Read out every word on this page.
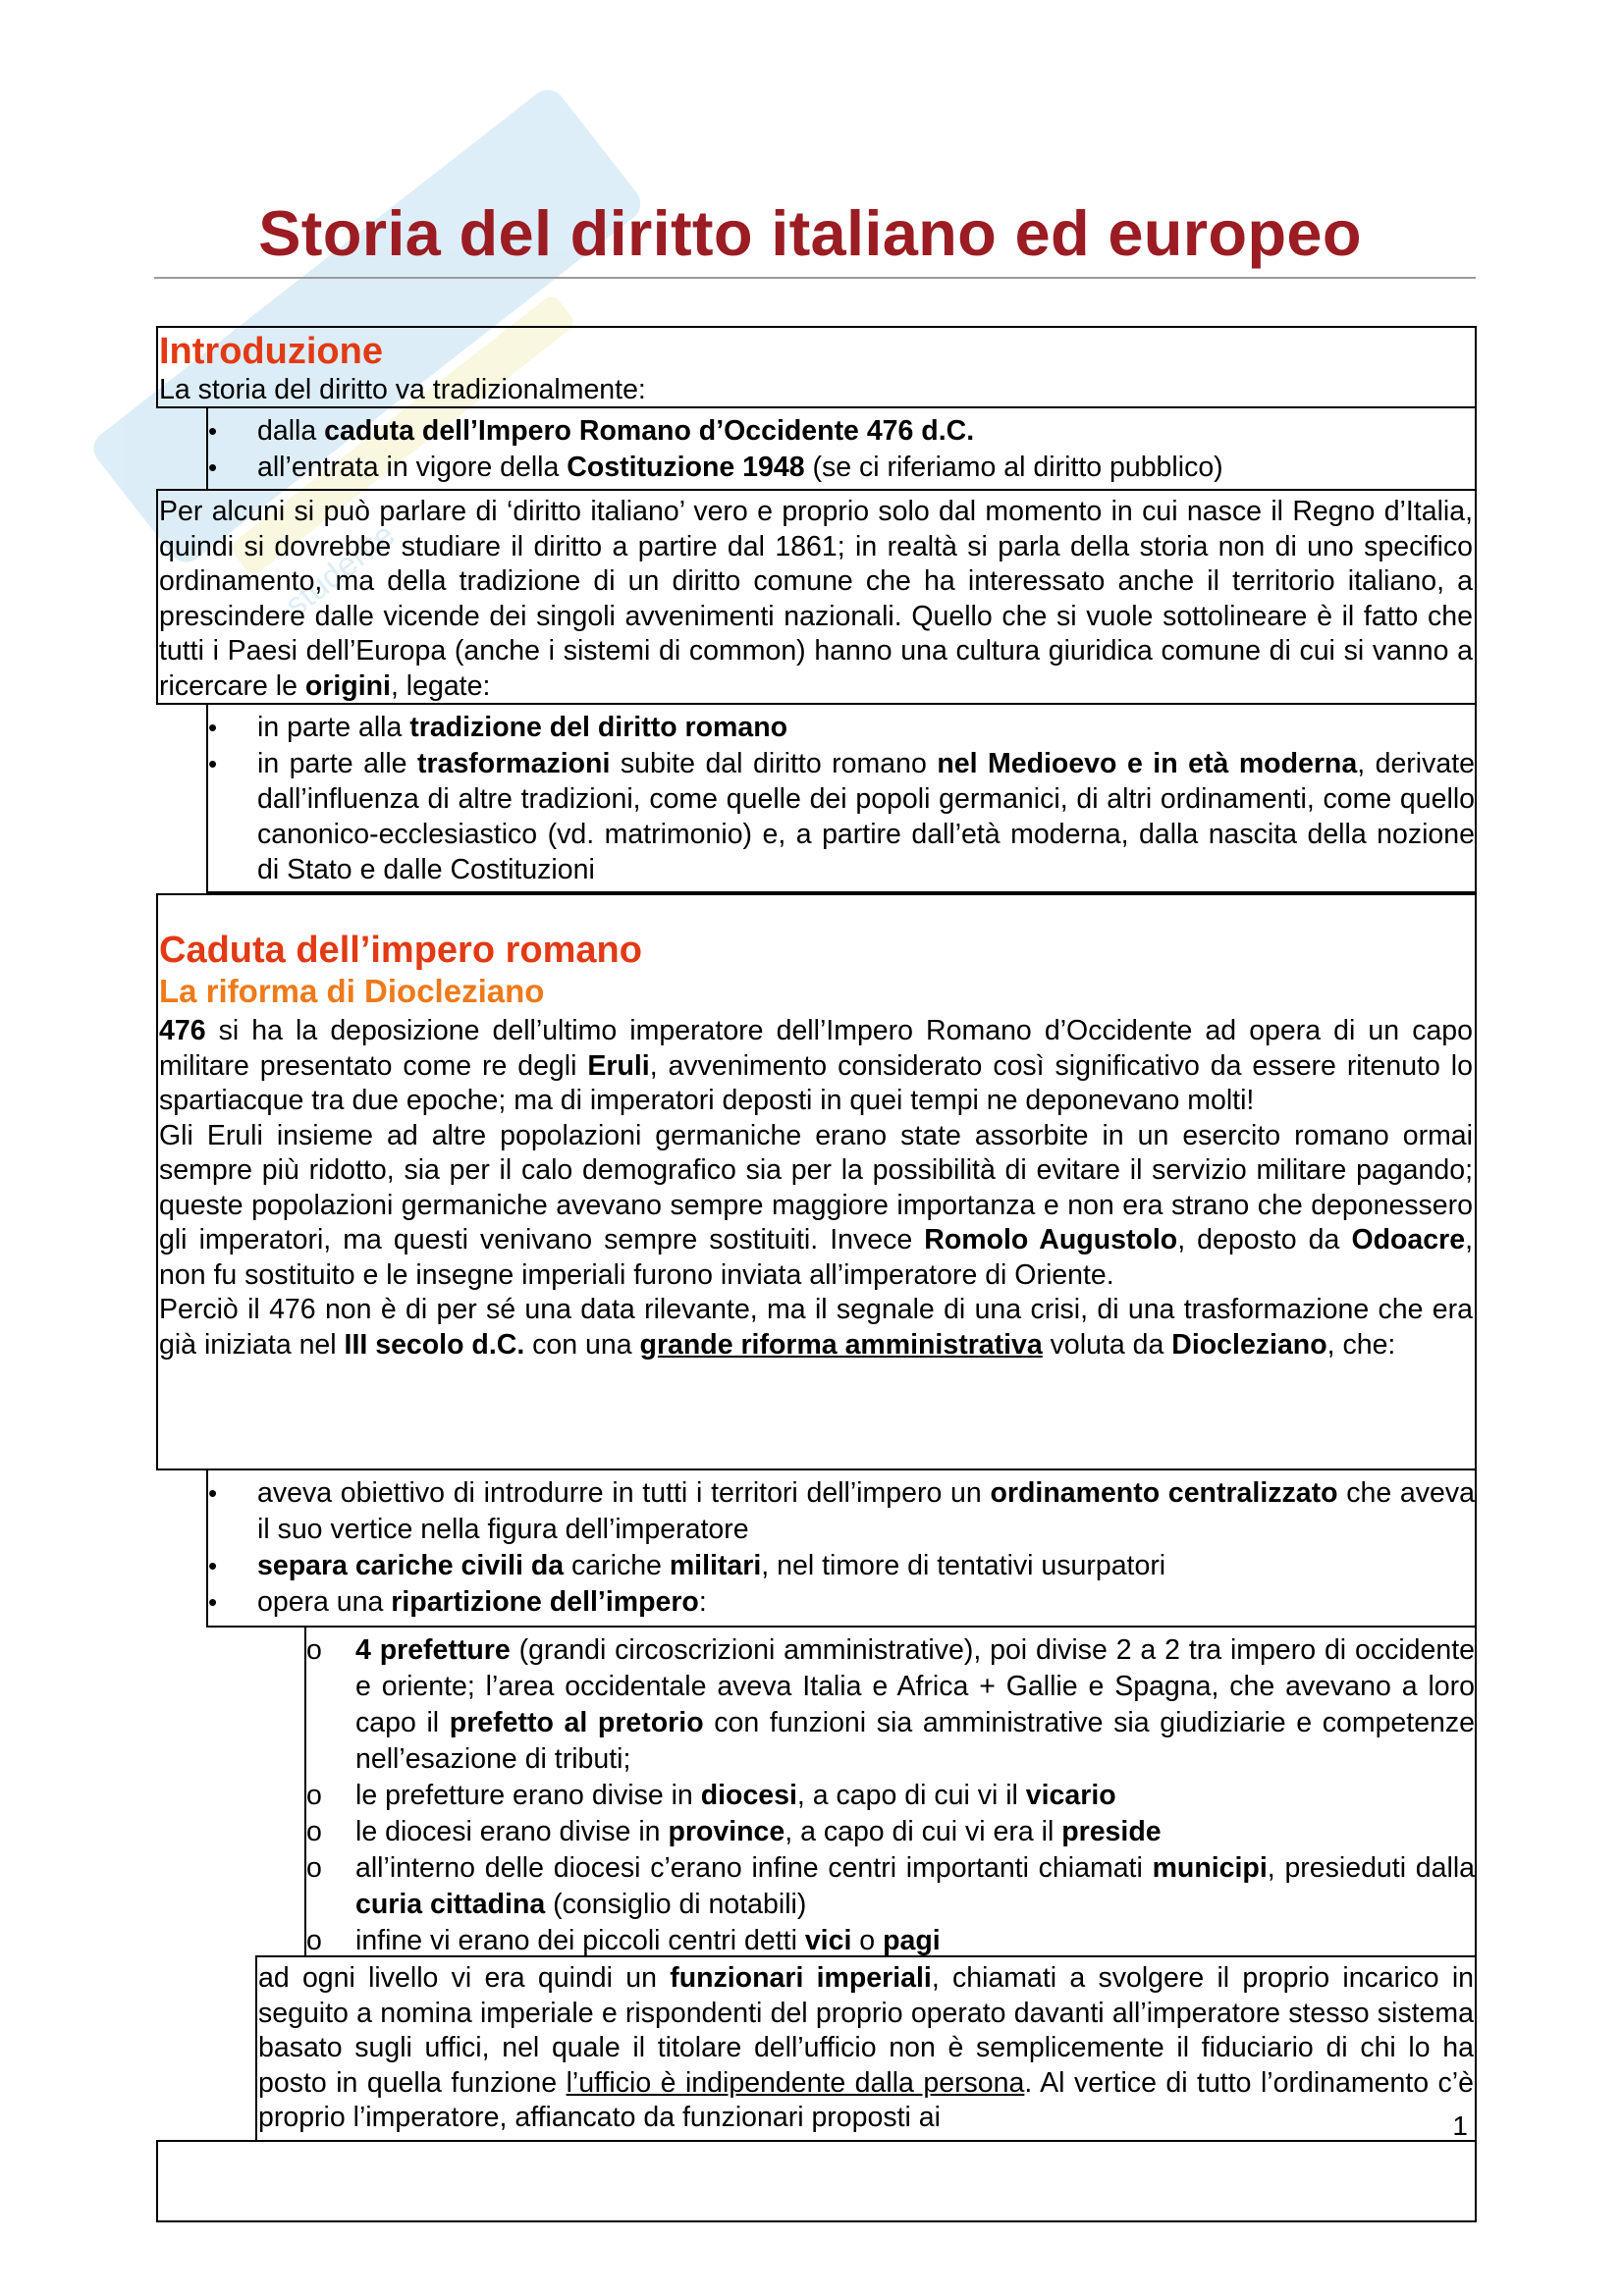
studente
Storia del diritto italiano ed europeo
Introduzione
La storia del diritto va tradizionalmente:
• dalla caduta dell’Impero Romano d’Occidente 476 d.C.
• all’entrata in vigore della Costituzione 1948 (se ci riferiamo al diritto pubblico)

Per alcuni si può parlare di ‘diritto italiano’ vero e proprio solo dal momento in cui nasce il Regno d’Italia, quindi si dovrebbe studiare il diritto a partire dal 1861; in realtà si parla della storia non di uno specifico ordinamento, ma della tradizione di un diritto comune che ha interessato anche il territorio italiano, a prescindere dalle vicende dei singoli avvenimenti nazionali. Quello che si vuole sottolineare è il fatto che tutti i Paesi dell’Europa (anche i sistemi di common) hanno una cultura giuridica comune di cui si vanno a ricercare le origini, legate:

• in parte alla tradizione del diritto romano
• in parte alle trasformazioni subite dal diritto romano nel Medioevo e in età moderna, derivate dall’influenza di altre tradizioni, come quelle dei popoli germanici, di altri ordinamenti, come quello canonico-ecclesiastico (vd. matrimonio) e, a partire dall’età moderna, dalla nascita della nozione di Stato e dalle Costituzioni
Caduta dell’impero romano
La riforma di Diocleziano

476 si ha la deposizione dell’ultimo imperatore dell’Impero Romano d’Occidente ad opera di un capo militare presentato come re degli Eruli, avvenimento considerato così significativo da essere ritenuto lo spartiacque tra due epoche; ma di imperatori deposti in quei tempi ne deponevano molti!

Gli Eruli insieme ad altre popolazioni germaniche erano state assorbite in un esercito romano ormai sempre più ridotto, sia per il calo demografico sia per la possibilità di evitare il servizio militare pagando; queste popolazioni germaniche avevano sempre maggiore importanza e non era strano che deponessero gli imperatori, ma questi venivano sempre sostituiti. Invece Romolo Augustolo, deposto da Odoacre, non fu sostituito e le insegne imperiali furono inviata all’imperatore di Oriente.

Perciò il 476 non è di per sé una data rilevante, ma il segnale di una crisi, di una trasformazione che era già iniziata nel III secolo d.C. con una grande riforma amministrativa voluta da Diocleziano, che:

• aveva obiettivo di introdurre in tutti i territori dell’impero un ordinamento centralizzato che aveva il suo vertice nella figura dell’imperatore
• separa cariche civili da cariche militari, nel timore di tentativi usurpatori
• opera una ripartizione dell’impero:
o 4 prefetture (grandi circoscrizioni amministrative), poi divise 2 a 2 tra impero di occidente e oriente; l’area occidentale aveva Italia e Africa + Gallie e Spagna, che avevano a loro capo il prefetto al pretorio con funzioni sia amministrative sia giudiziarie e competenze nell’esazione di tributi;
o le prefetture erano divise in diocesi, a capo di cui vi il vicario
o le diocesi erano divise in province, a capo di cui vi era il preside
o all’interno delle diocesi c’erano infine centri importanti chiamati municipi, presieduti dalla curia cittadina (consiglio di notabili)
o infine vi erano dei piccoli centri detti vici o pagi

ad ogni livello vi era quindi un funzionari imperiali, chiamati a svolgere il proprio incarico in seguito a nomina imperiale e rispondenti del proprio operato davanti all’imperatore stesso sistema basato sugli uffici, nel quale il titolare dell’ufficio non è semplicemente il fiduciario di chi lo ha posto in quella funzione l’ufficio è indipendente dalla persona. Al vertice di tutto l’ordinamento c’è proprio l’imperatore, affiancato da funzionari proposti ai	1
